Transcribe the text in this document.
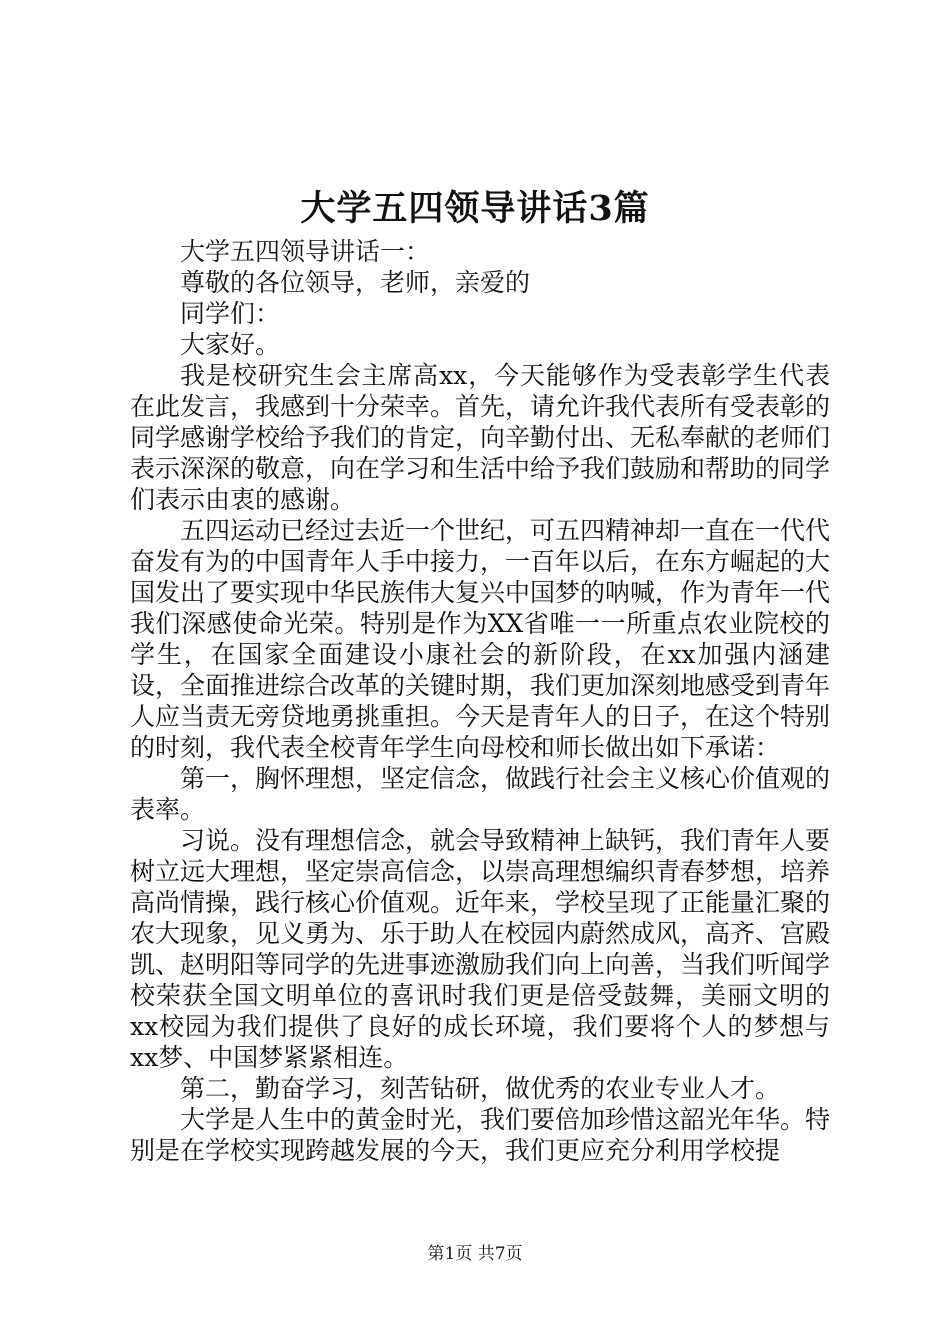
大学五四领导讲话3篇

大学五四领导讲话一：

尊敬的各位领导，老师，亲爱的

同学们：

大家好。

我是校研究生会主席高xx，今天能够作为受表彰学生代表在此发言，我感到十分荣幸。首先，请允许我代表所有受表彰的同学感谢学校给予我们的肯定，向辛勤付出、无私奉献的老师们表示深深的敬意，向在学习和生活中给予我们鼓励和帮助的同学们表示由衷的感谢。

五四运动已经过去近一个世纪，可五四精神却一直在一代代奋发有为的中国青年人手中接力，一百年以后，在东方崛起的大国发出了要实现中华民族伟大复兴中国梦的呐喊，作为青年一代我们深感使命光荣。特别是作为XX省唯一一所重点农业院校的学生，在国家全面建设小康社会的新阶段，在xx加强内涵建设，全面推进综合改革的关键时期，我们更加深刻地感受到青年人应当责无旁贷地勇挑重担。今天是青年人的日子，在这个特别的时刻，我代表全校青年学生向母校和师长做出如下承诺：

第一，胸怀理想，坚定信念，做践行社会主义核心价值观的表率。

习说。没有理想信念，就会导致精神上缺钙，我们青年人要树立远大理想，坚定崇高信念，以崇高理想编织青春梦想，培养高尚情操，践行核心价值观。近年来，学校呈现了正能量汇聚的农大现象，见义勇为、乐于助人在校园内蔚然成风，高齐、宫殿凯、赵明阳等同学的先进事迹激励我们向上向善，当我们听闻学校荣获全国文明单位的喜讯时我们更是倍受鼓舞，美丽文明的xx校园为我们提供了良好的成长环境，我们要将个人的梦想与xx梦、中国梦紧紧相连。

第二，勤奋学习，刻苦钻研，做优秀的农业专业人才。

大学是人生中的黄金时光，我们要倍加珍惜这韶光年华。特别是在学校实现跨越发展的今天，我们更应充分利用学校提

第1页 共7页
